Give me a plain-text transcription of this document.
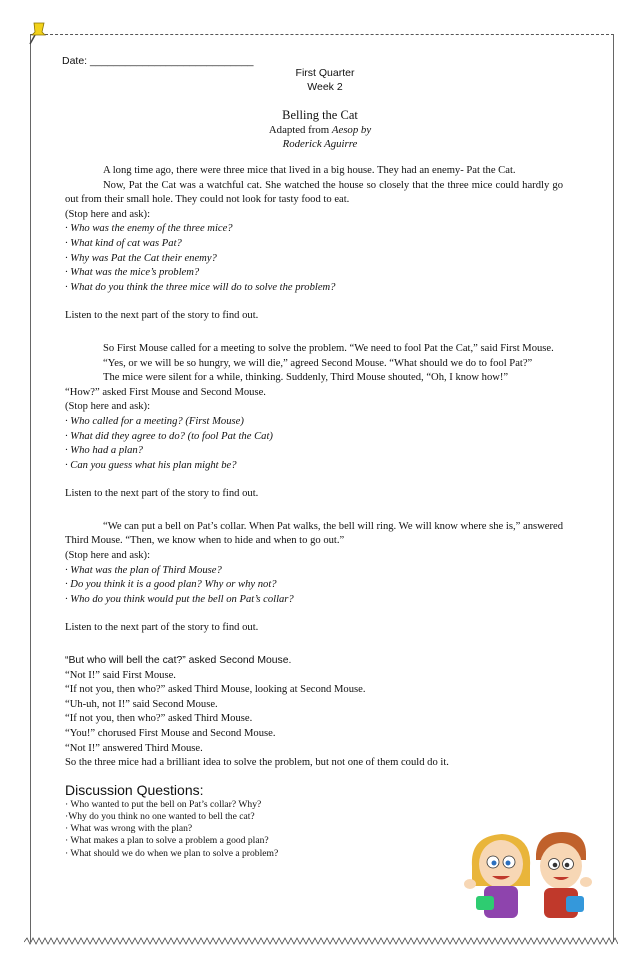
Date: ____________________________
First Quarter
Week 2
Belling the Cat
Adapted from Aesop by
Roderick Aguirre

A long time ago, there were three mice that lived in a big house. They had an enemy- Pat the Cat.

Now, Pat the Cat was a watchful cat. She watched the house so closely that the three mice could hardly go out from their small hole. They could not look for tasty food to eat.

(Stop here and ask):

· Who was the enemy of the three mice?

· What kind of cat was Pat?

· Why was Pat the Cat their enemy?

· What was the mice’s problem?

· What do you think the three mice will do to solve the problem?

Listen to the next part of the story to find out.

So First Mouse called for a meeting to solve the problem. “We need to fool Pat the Cat,” said First Mouse.

“Yes, or we will be so hungry, we will die,” agreed Second Mouse. “What should we do to fool Pat?”

The mice were silent for a while, thinking. Suddenly, Third Mouse shouted, “Oh, I know how!”

“How?” asked First Mouse and Second Mouse.

(Stop here and ask):

· Who called for a meeting? (First Mouse)

· What did they agree to do? (to fool Pat the Cat)

· Who had a plan?

· Can you guess what his plan might be?

Listen to the next part of the story to find out.

“We can put a bell on Pat’s collar. When Pat walks, the bell will ring. We will know where she is,” answered Third Mouse. “Then, we know when to hide and when to go out.”

(Stop here and ask):

· What was the plan of Third Mouse?

· Do you think it is a good plan? Why or why not?

· Who do you think would put the bell on Pat’s collar?

Listen to the next part of the story to find out.

“But who will bell the cat?” asked Second Mouse.

“Not I!” said First Mouse.

“If not you, then who?” asked Third Mouse, looking at Second Mouse.

“Uh-uh, not I!” said Second Mouse.

“If not you, then who?” asked Third Mouse.

“You!” chorused First Mouse and Second Mouse.

“Not I!” answered Third Mouse.

So the three mice had a brilliant idea to solve the problem, but not one of them could do it.

Discussion Questions:

· Who wanted to put the bell on Pat’s collar? Why?

·Why do you think no one wanted to bell the cat?

· What was wrong with the plan?

· What makes a plan to solve a problem a good plan?

· What should we do when we plan to solve a problem?
